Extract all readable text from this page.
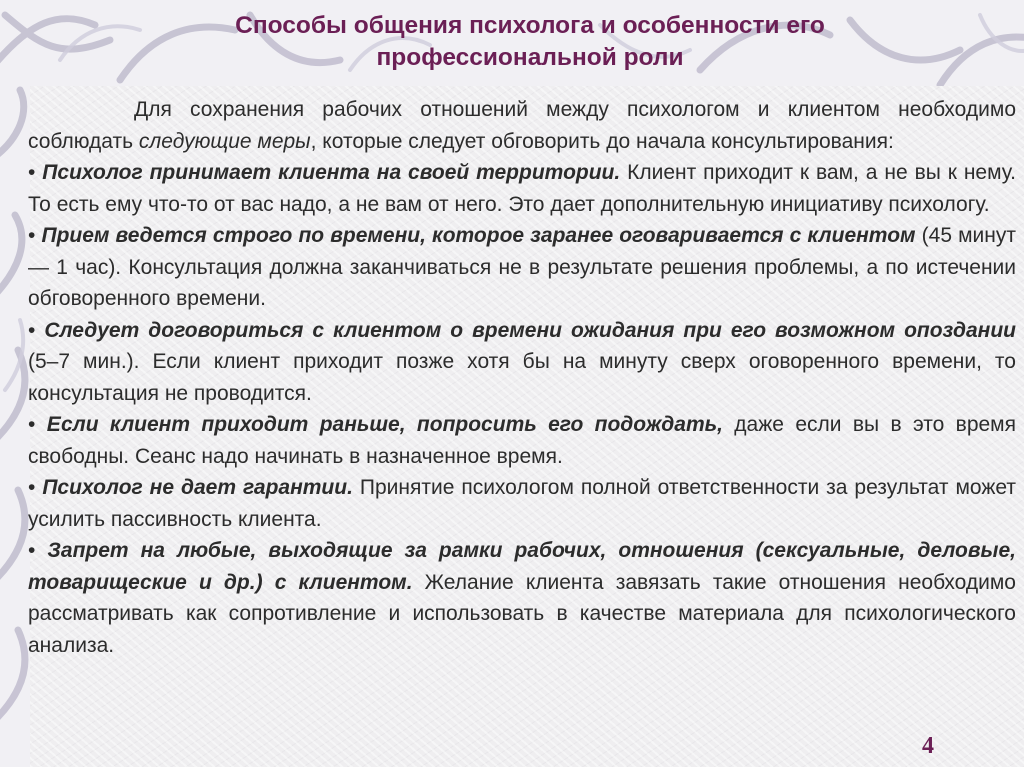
Способы общения психолога и особенности его
профессиональной роли

Для сохранения рабочих отношений между психологом и клиентом необходимо соблюдать следующие меры, которые следует обговорить до начала консультирования:

• Психолог принимает клиента на своей территории. Клиент приходит к вам, а не вы к нему. То есть ему что-то от вас надо, а не вам от него. Это дает дополнительную инициативу психологу.

• Прием ведется строго по времени, которое заранее оговаривается с клиентом (45 минут — 1 час). Консультация должна заканчиваться не в результате решения проблемы, а по истечении обговоренного времени.

• Следует договориться с клиентом о времени ожидания при его возможном опоздании (5–7 мин.). Если клиент приходит позже хотя бы на минуту сверх оговоренного времени, то консультация не проводится.

• Если клиент приходит раньше, попросить его подождать, даже если вы в это время свободны. Сеанс надо начинать в назначенное время.

• Психолог не дает гарантии. Принятие психологом полной ответственности за результат может усилить пассивность клиента.

• Запрет на любые, выходящие за рамки рабочих, отношения (сексуальные, деловые, товарищеские и др.) с клиентом. Желание клиента завязать такие отношения необходимо рассматривать как сопротивление и использовать в качестве материала для психологического анализа.

4
